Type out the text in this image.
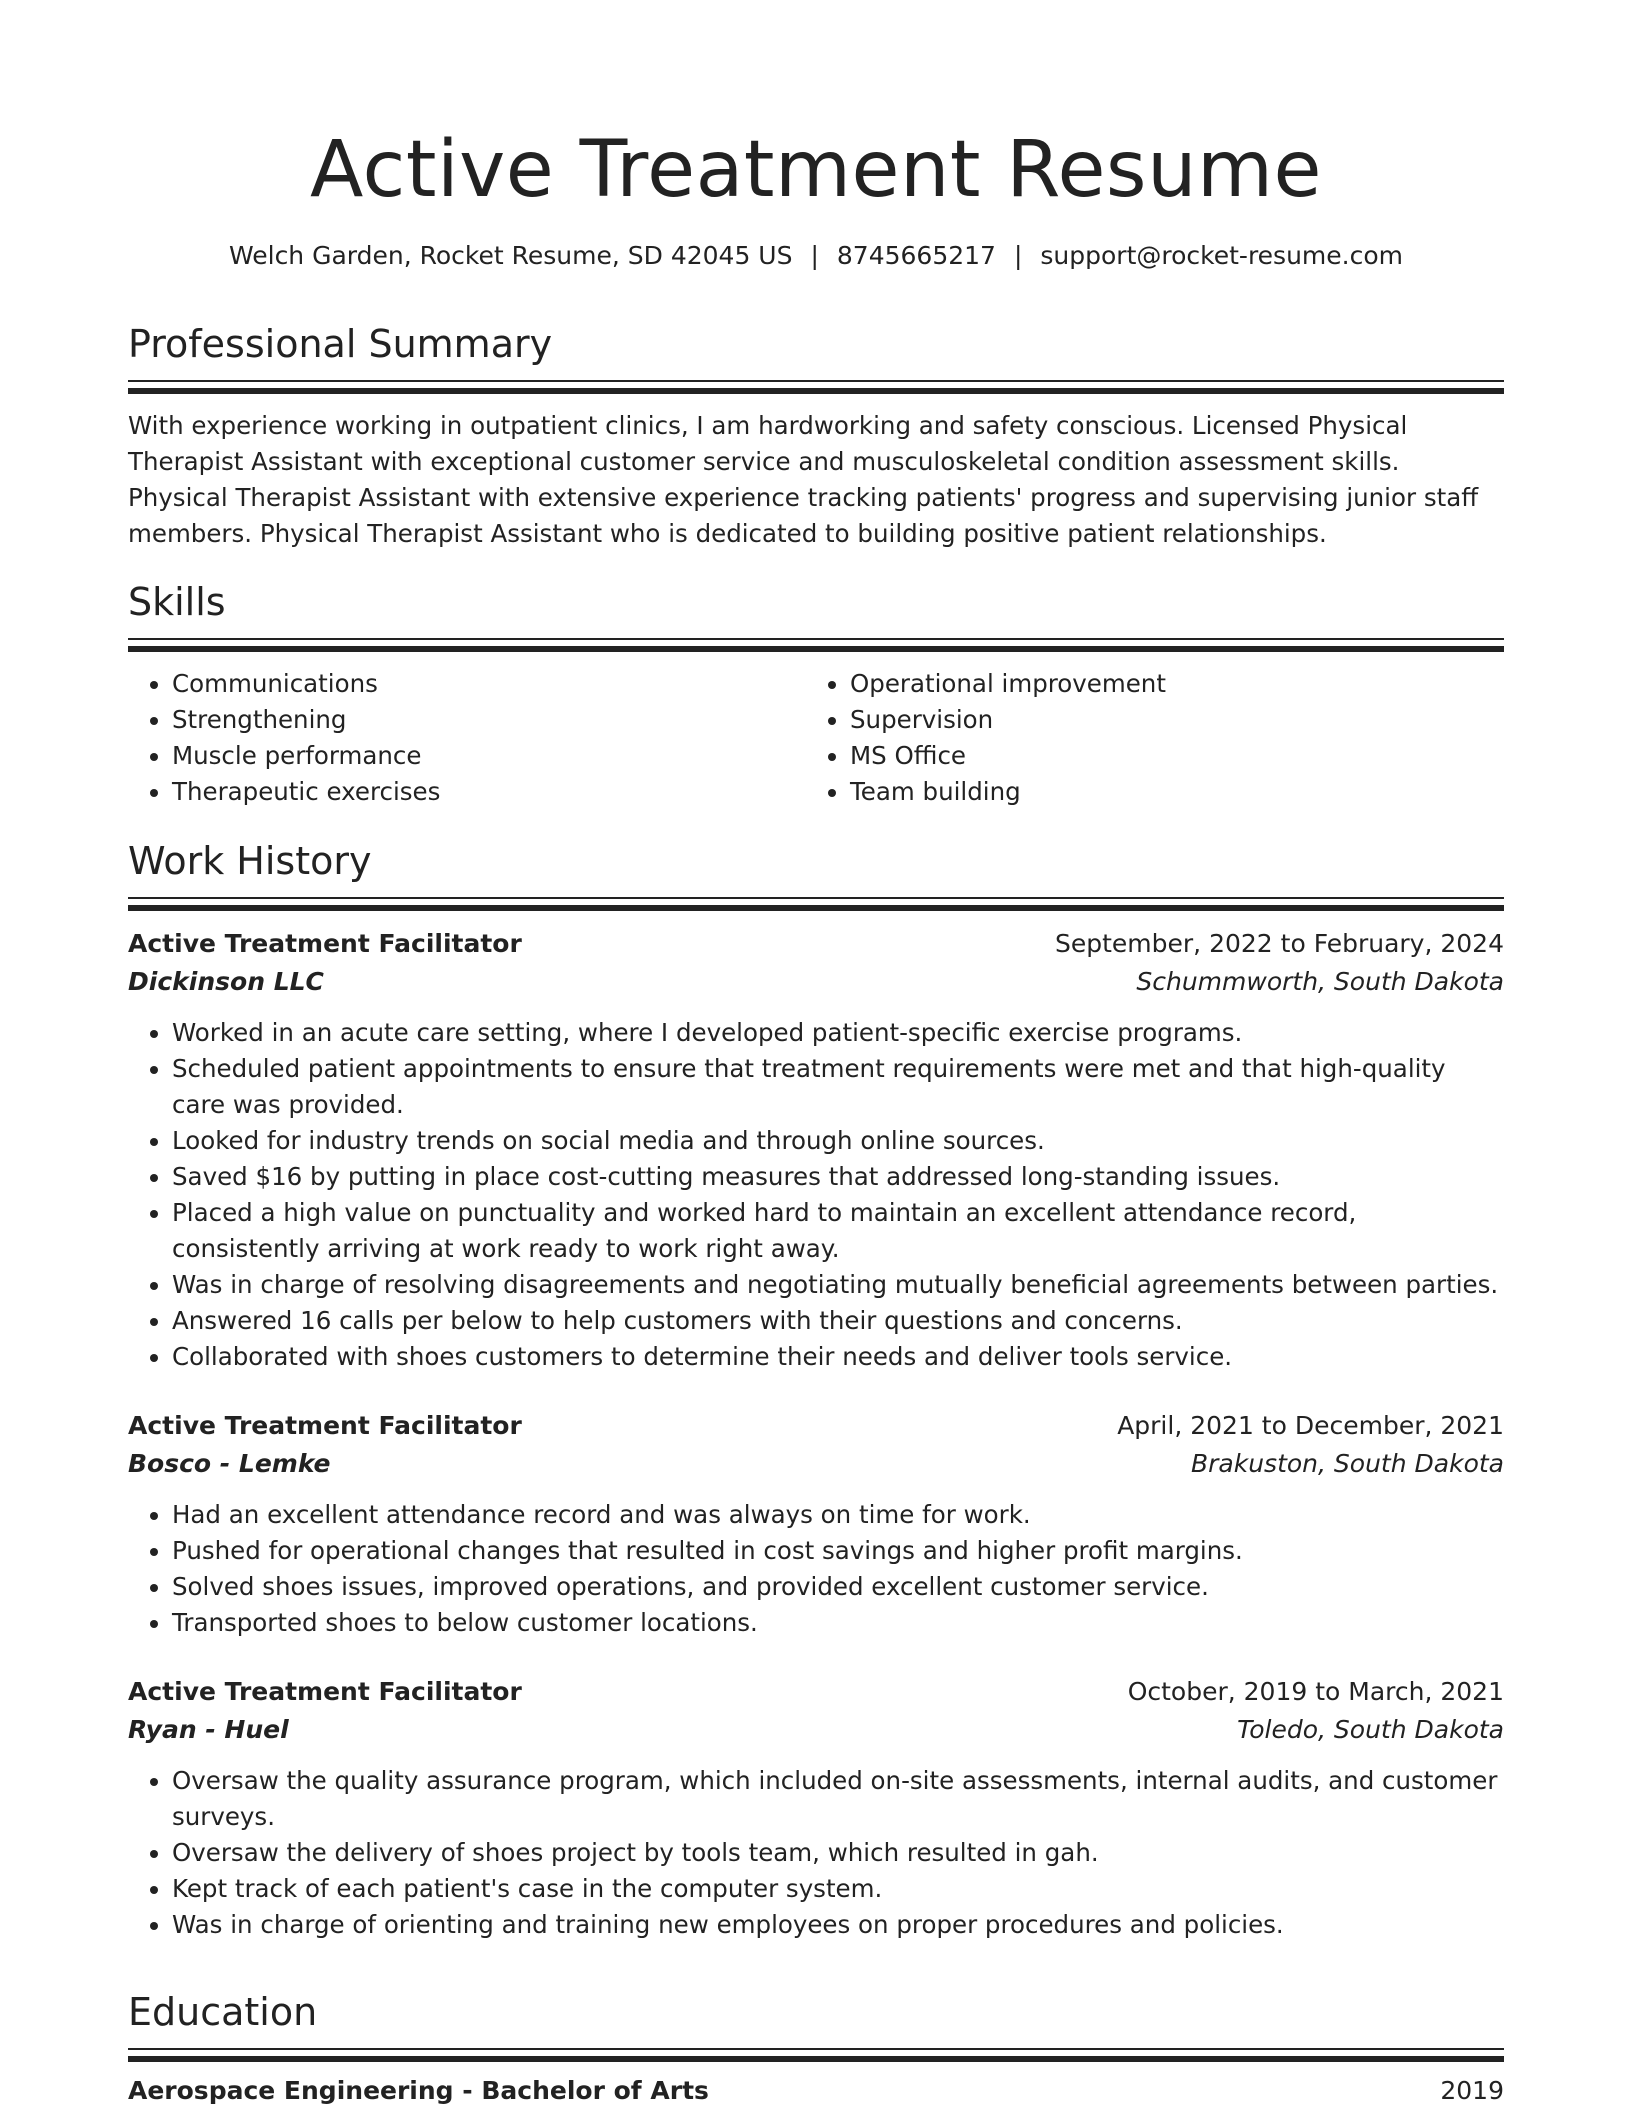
Active Treatment Resume
Welch Garden, Rocket Resume, SD 42045 US | 8745665217 | support@rocket-resume.com
Professional Summary

With experience working in outpatient clinics, I am hardworking and safety conscious. Licensed Physical Therapist Assistant with exceptional customer service and musculoskeletal condition assessment skills. Physical Therapist Assistant with extensive experience tracking patients' progress and supervising junior staff members. Physical Therapist Assistant who is dedicated to building positive patient relationships.

Skills
• Communications
• Strengthening
• Muscle performance
• Therapeutic exercises
• Operational improvement
• Supervision
• MS Office
• Team building
Work History
Active Treatment Facilitator	September, 2022 to February, 2024
Dickinson LLC	Schummworth, South Dakota
• Worked in an acute care setting, where I developed patient-specific exercise programs.
• Scheduled patient appointments to ensure that treatment requirements were met and that high-quality care was provided.
• Looked for industry trends on social media and through online sources.
• Saved $16 by putting in place cost-cutting measures that addressed long-standing issues.
• Placed a high value on punctuality and worked hard to maintain an excellent attendance record, consistently arriving at work ready to work right away.
• Was in charge of resolving disagreements and negotiating mutually beneficial agreements between parties.
• Answered 16 calls per below to help customers with their questions and concerns.
• Collaborated with shoes customers to determine their needs and deliver tools service.
Active Treatment Facilitator	April, 2021 to December, 2021
Bosco - Lemke	Brakuston, South Dakota
• Had an excellent attendance record and was always on time for work.
• Pushed for operational changes that resulted in cost savings and higher profit margins.
• Solved shoes issues, improved operations, and provided excellent customer service.
• Transported shoes to below customer locations.
Active Treatment Facilitator	October, 2019 to March, 2021
Ryan - Huel	Toledo, South Dakota
• Oversaw the quality assurance program, which included on-site assessments, internal audits, and customer surveys.
• Oversaw the delivery of shoes project by tools team, which resulted in gah.
• Kept track of each patient's case in the computer system.
• Was in charge of orienting and training new employees on proper procedures and policies.
Education
Aerospace Engineering - Bachelor of Arts	2019
